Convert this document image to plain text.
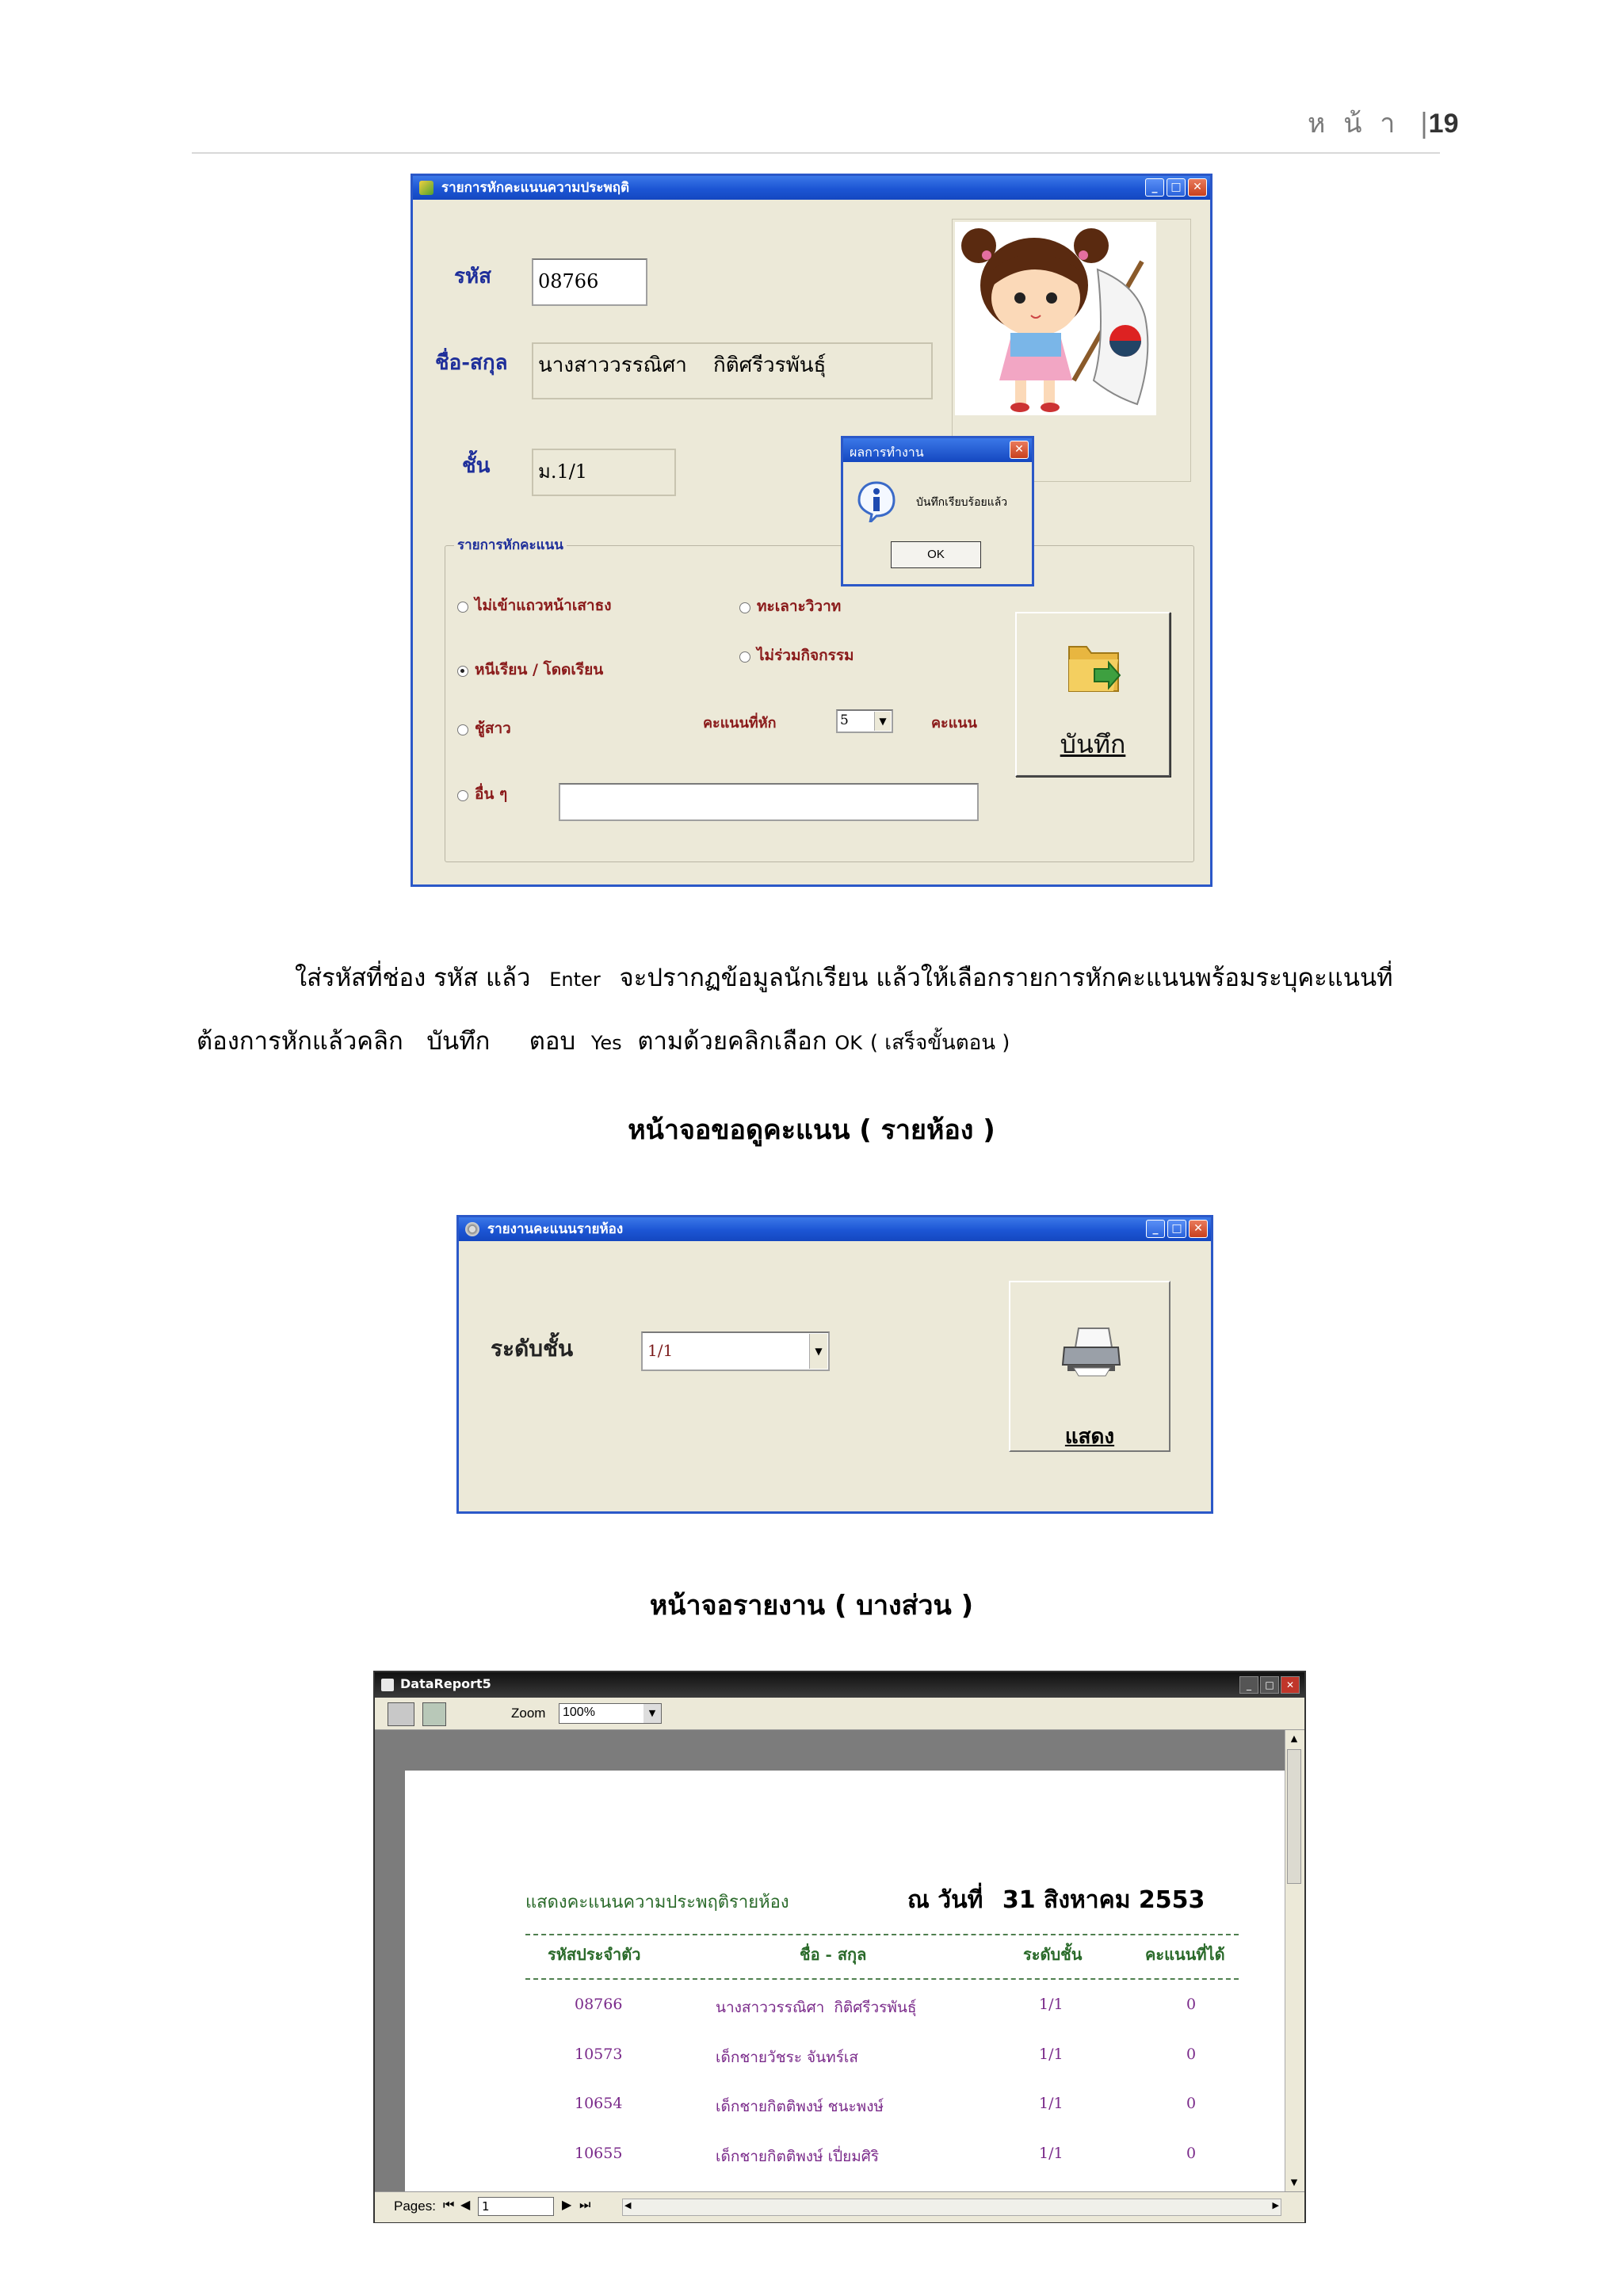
ห น้ า |19
รายการหักคะแนนความประพฤติ	_	□	✕
รหัส	08766
ชื่อ-สกุล	นางสาววรรณิศา    กิติศรีวรพันธุ์
ชั้น	ม.1/1
รายการหักคะแนน
ไม่เข้าแถวหน้าเสาธง
หนีเรียน / โดดเรียน
ชู้สาว
อื่น ๆ
ทะเลาะวิวาท
ไม่ร่วมกิจกรรม
คะแนนที่หัก	5	▼	คะแนน
บันทึก
ผลการทำงาน	✕
บันทึกเรียบร้อยแล้ว
OK
ใส่รหัสที่ช่อง รหัส แล้ว Enter จะปรากฏข้อมูลนักเรียน แล้วให้เลือกรายการหักคะแนนพร้อมระบุคะแนนที่
ต้องการหักแล้วคลิก   บันทึก     ตอบ Yes ตามด้วยคลิกเลือก OK ( เสร็จขั้นตอน )
หน้าจอขอดูคะแนน ( รายห้อง )
รายงานคะแนนรายห้อง	_	□	✕
ระดับชั้น	1/1	▼
แสดง
หน้าจอรายงาน ( บางส่วน )
DataReport5	_	□	✕
Zoom 100%	▼
▲
▼
Pages: ⏮ ◀ 1	▶ ⏭	◀	▶
แสดงคะแนนความประพฤติรายห้อง	ณ วันที่ 31 สิงหาคม 2553
รหัสประจำตัว	ชื่อ - สกุล	ระดับชั้น	คะแนนที่ได้
08766	นางสาววรรณิศา  กิติศรีวรพันธุ์	1/1	0
10573	เด็กชายวัชระ จันทร์เส	1/1	0
10654	เด็กชายกิตติพงษ์ ชนะพงษ์	1/1	0
10655	เด็กชายกิตติพงษ์ เปี่ยมศิริ	1/1	0
